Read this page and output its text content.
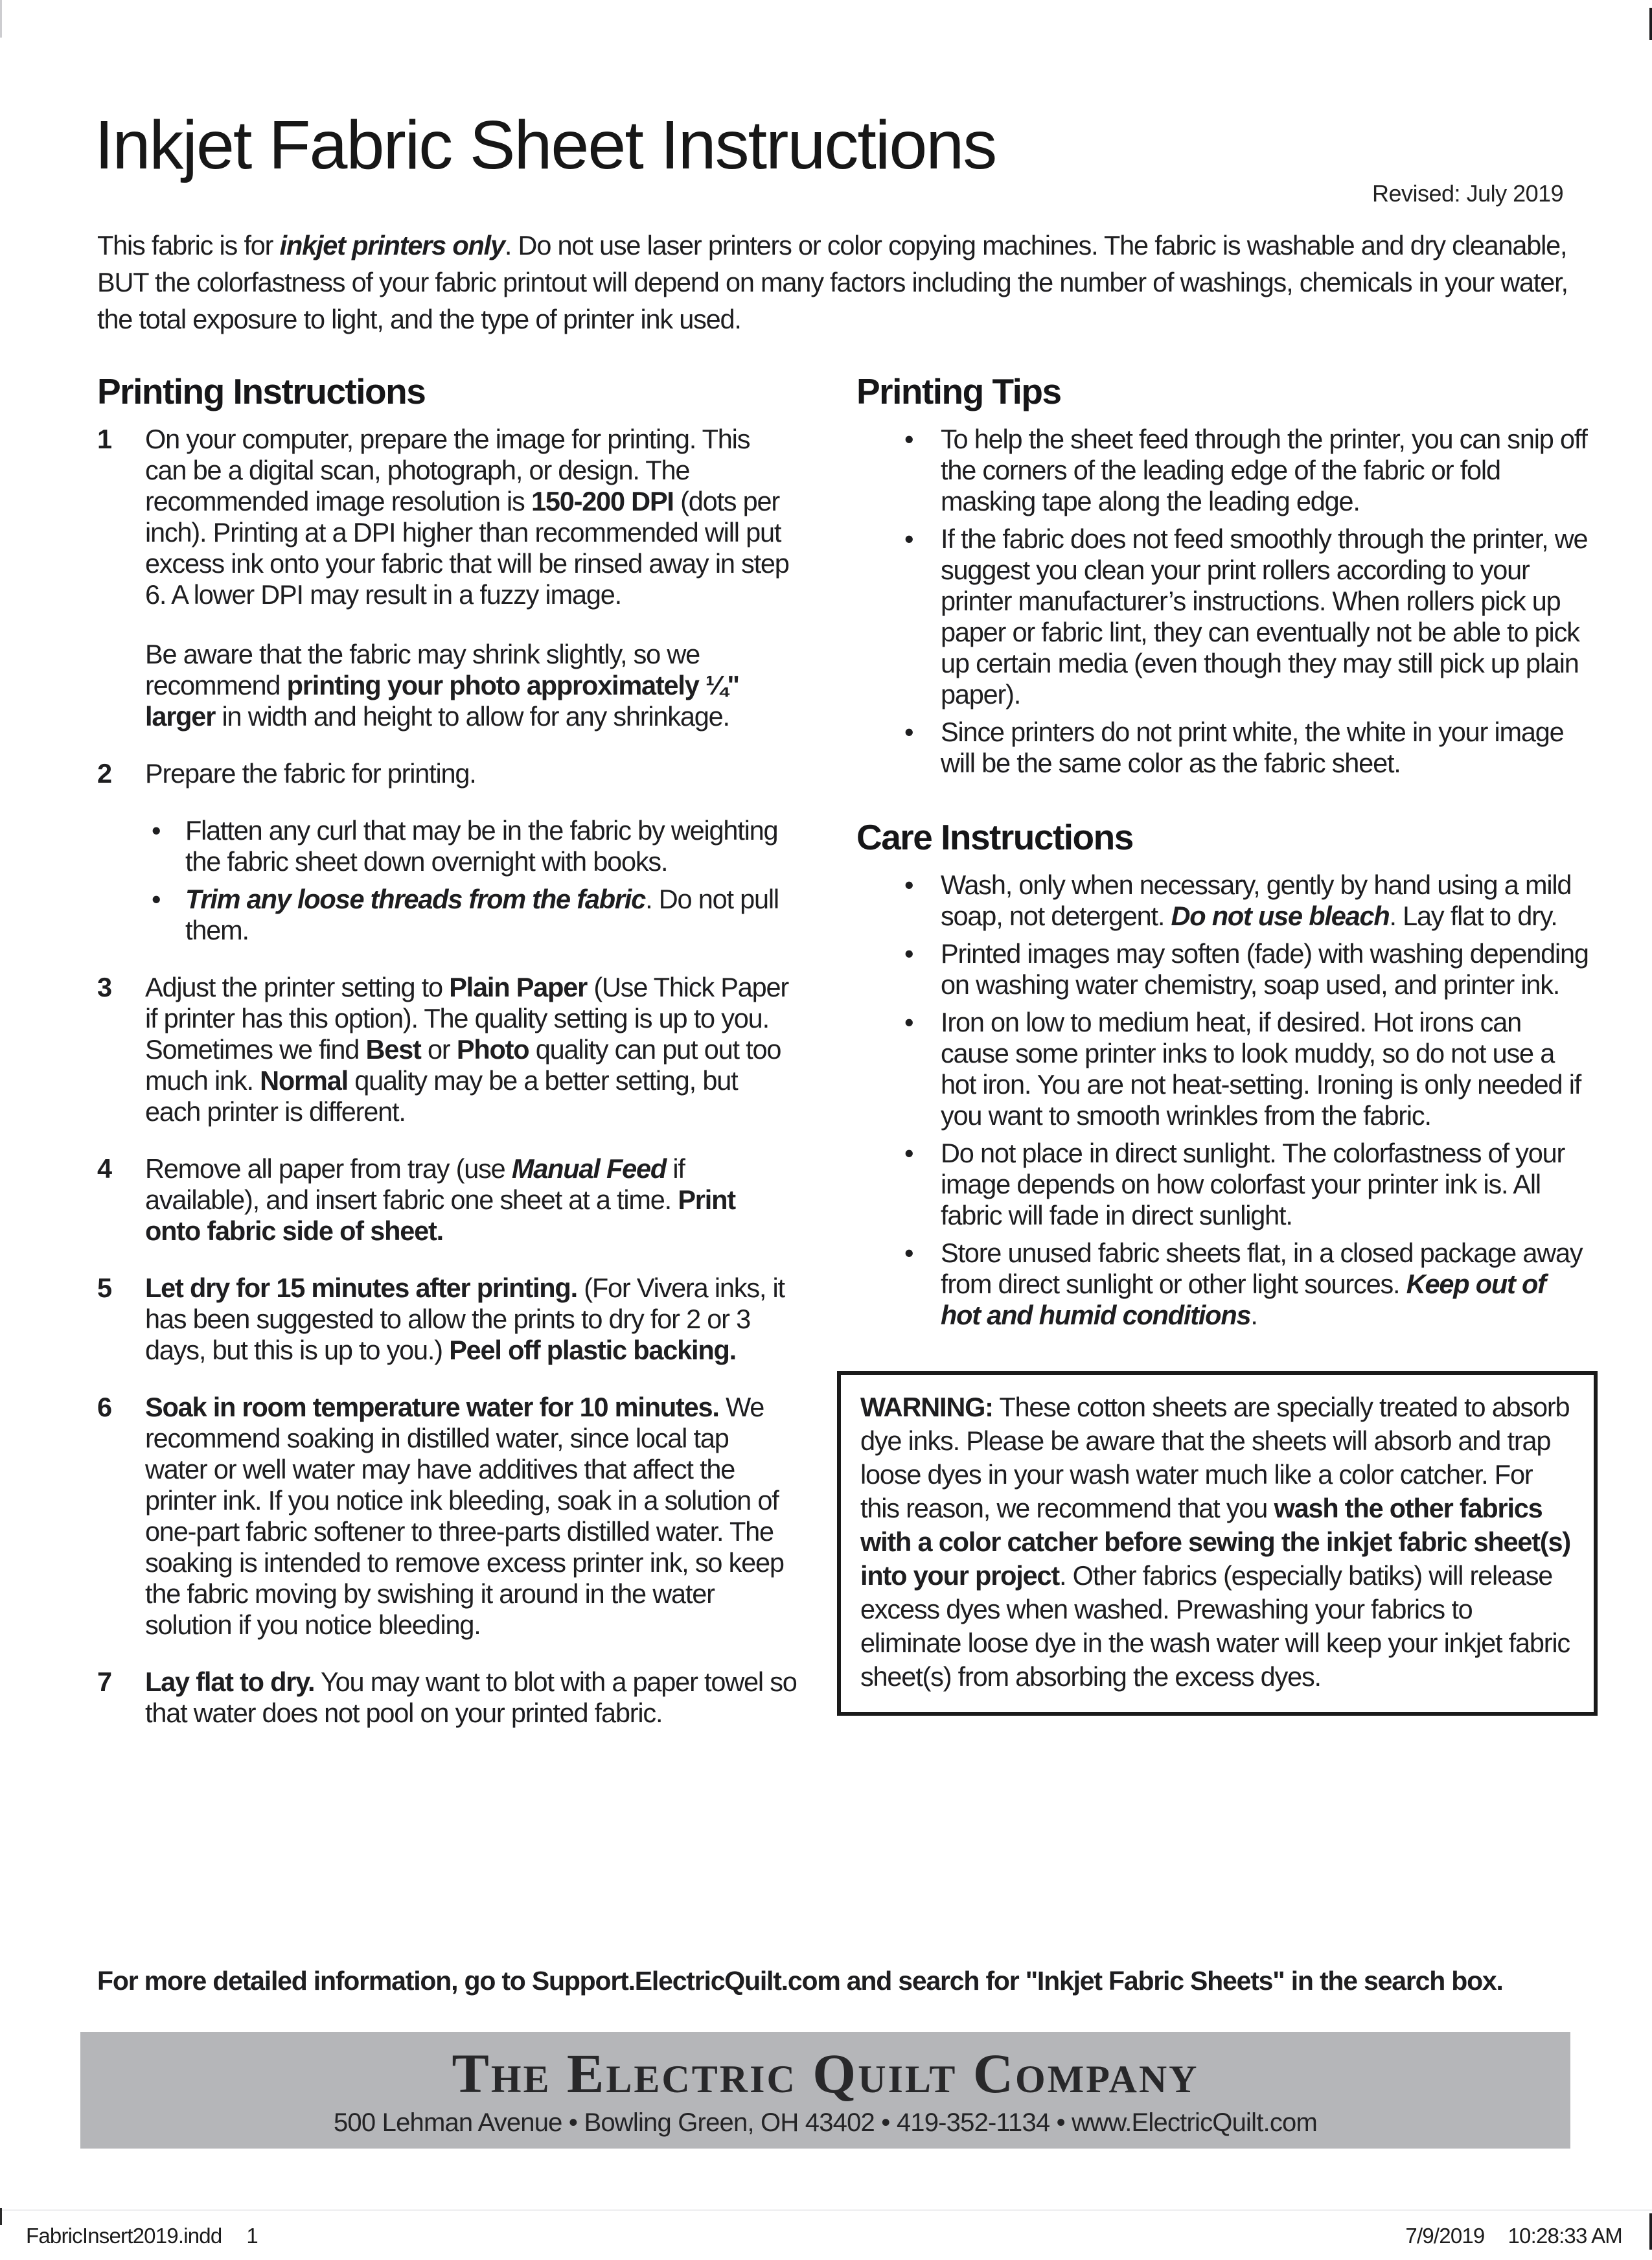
Inkjet Fabric Sheet Instructions
Revised: July 2019
This fabric is for inkjet printers only. Do not use laser printers or color copying machines. The fabric is washable and dry cleanable, BUT the colorfastness of your fabric printout will depend on many factors including the number of washings, chemicals in your water, the total exposure to light, and the type of printer ink used.
Printing Instructions
1	On your computer, prepare the image for printing. This can be a digital scan, photograph, or design. The recommended image resolution is 150-200 DPI (dots per inch). Printing at a DPI higher than recommended will put excess ink onto your fabric that will be rinsed away in step 6. A lower DPI may result in a fuzzy image.

Be aware that the fabric may shrink slightly, so we recommend printing your photo approximately ¼" larger in width and height to allow for any shrinkage.

2	Prepare the fabric for printing.

• Flatten any curl that may be in the fabric by weighting the fabric sheet down overnight with books.

• Trim any loose threads from the fabric. Do not pull them.

3	Adjust the printer setting to Plain Paper (Use Thick Paper if printer has this option). The quality setting is up to you. Sometimes we find Best or Photo quality can put out too much ink. Normal quality may be a better setting, but each printer is different.

4	Remove all paper from tray (use Manual Feed if available), and insert fabric one sheet at a time. Print onto fabric side of sheet.

5	Let dry for 15 minutes after printing. (For Vivera inks, it has been suggested to allow the prints to dry for 2 or 3 days, but this is up to you.) Peel off plastic backing.

6	Soak in room temperature water for 10 minutes. We recommend soaking in distilled water, since local tap water or well water may have additives that affect the printer ink. If you notice ink bleeding, soak in a solution of one-part fabric softener to three-parts distilled water. The soaking is intended to remove excess printer ink, so keep the fabric moving by swishing it around in the water solution if you notice bleeding.

7	Lay flat to dry. You may want to blot with a paper towel so that water does not pool on your printed fabric.

Printing Tips
• To help the sheet feed through the printer, you can snip off the corners of the leading edge of the fabric or fold masking tape along the leading edge.

• If the fabric does not feed smoothly through the printer, we suggest you clean your print rollers according to your printer manufacturer’s instructions. When rollers pick up paper or fabric lint, they can eventually not be able to pick up certain media (even though they may still pick up plain paper).

• Since printers do not print white, the white in your image will be the same color as the fabric sheet.

Care Instructions
• Wash, only when necessary, gently by hand using a mild soap, not detergent. Do not use bleach. Lay flat to dry.

• Printed images may soften (fade) with washing depending on washing water chemistry, soap used, and printer ink.

• Iron on low to medium heat, if desired. Hot irons can cause some printer inks to look muddy, so do not use a hot iron. You are not heat-setting. Ironing is only needed if you want to smooth wrinkles from the fabric.

• Do not place in direct sunlight. The colorfastness of your image depends on how colorfast your printer ink is. All fabric will fade in direct sunlight.

• Store unused fabric sheets flat, in a closed package away from direct sunlight or other light sources. Keep out of hot and humid conditions.

WARNING: These cotton sheets are specially treated to absorb dye inks. Please be aware that the sheets will absorb and trap loose dyes in your wash water much like a color catcher. For this reason, we recommend that you wash the other fabrics with a color catcher before sewing the inkjet fabric sheet(s) into your project. Other fabrics (especially batiks) will release excess dyes when washed. Prewashing your fabrics to eliminate loose dye in the wash water will keep your inkjet fabric sheet(s) from absorbing the excess dyes.

For more detailed information, go to Support.ElectricQuilt.com and search for "Inkjet Fabric Sheets" in the search box.
The Electric Quilt Company
500 Lehman Avenue • Bowling Green, OH 43402 • 419-352-1134 • www.ElectricQuilt.com
FabricInsert2019.indd 1	7/9/2019 10:28:33 AM
